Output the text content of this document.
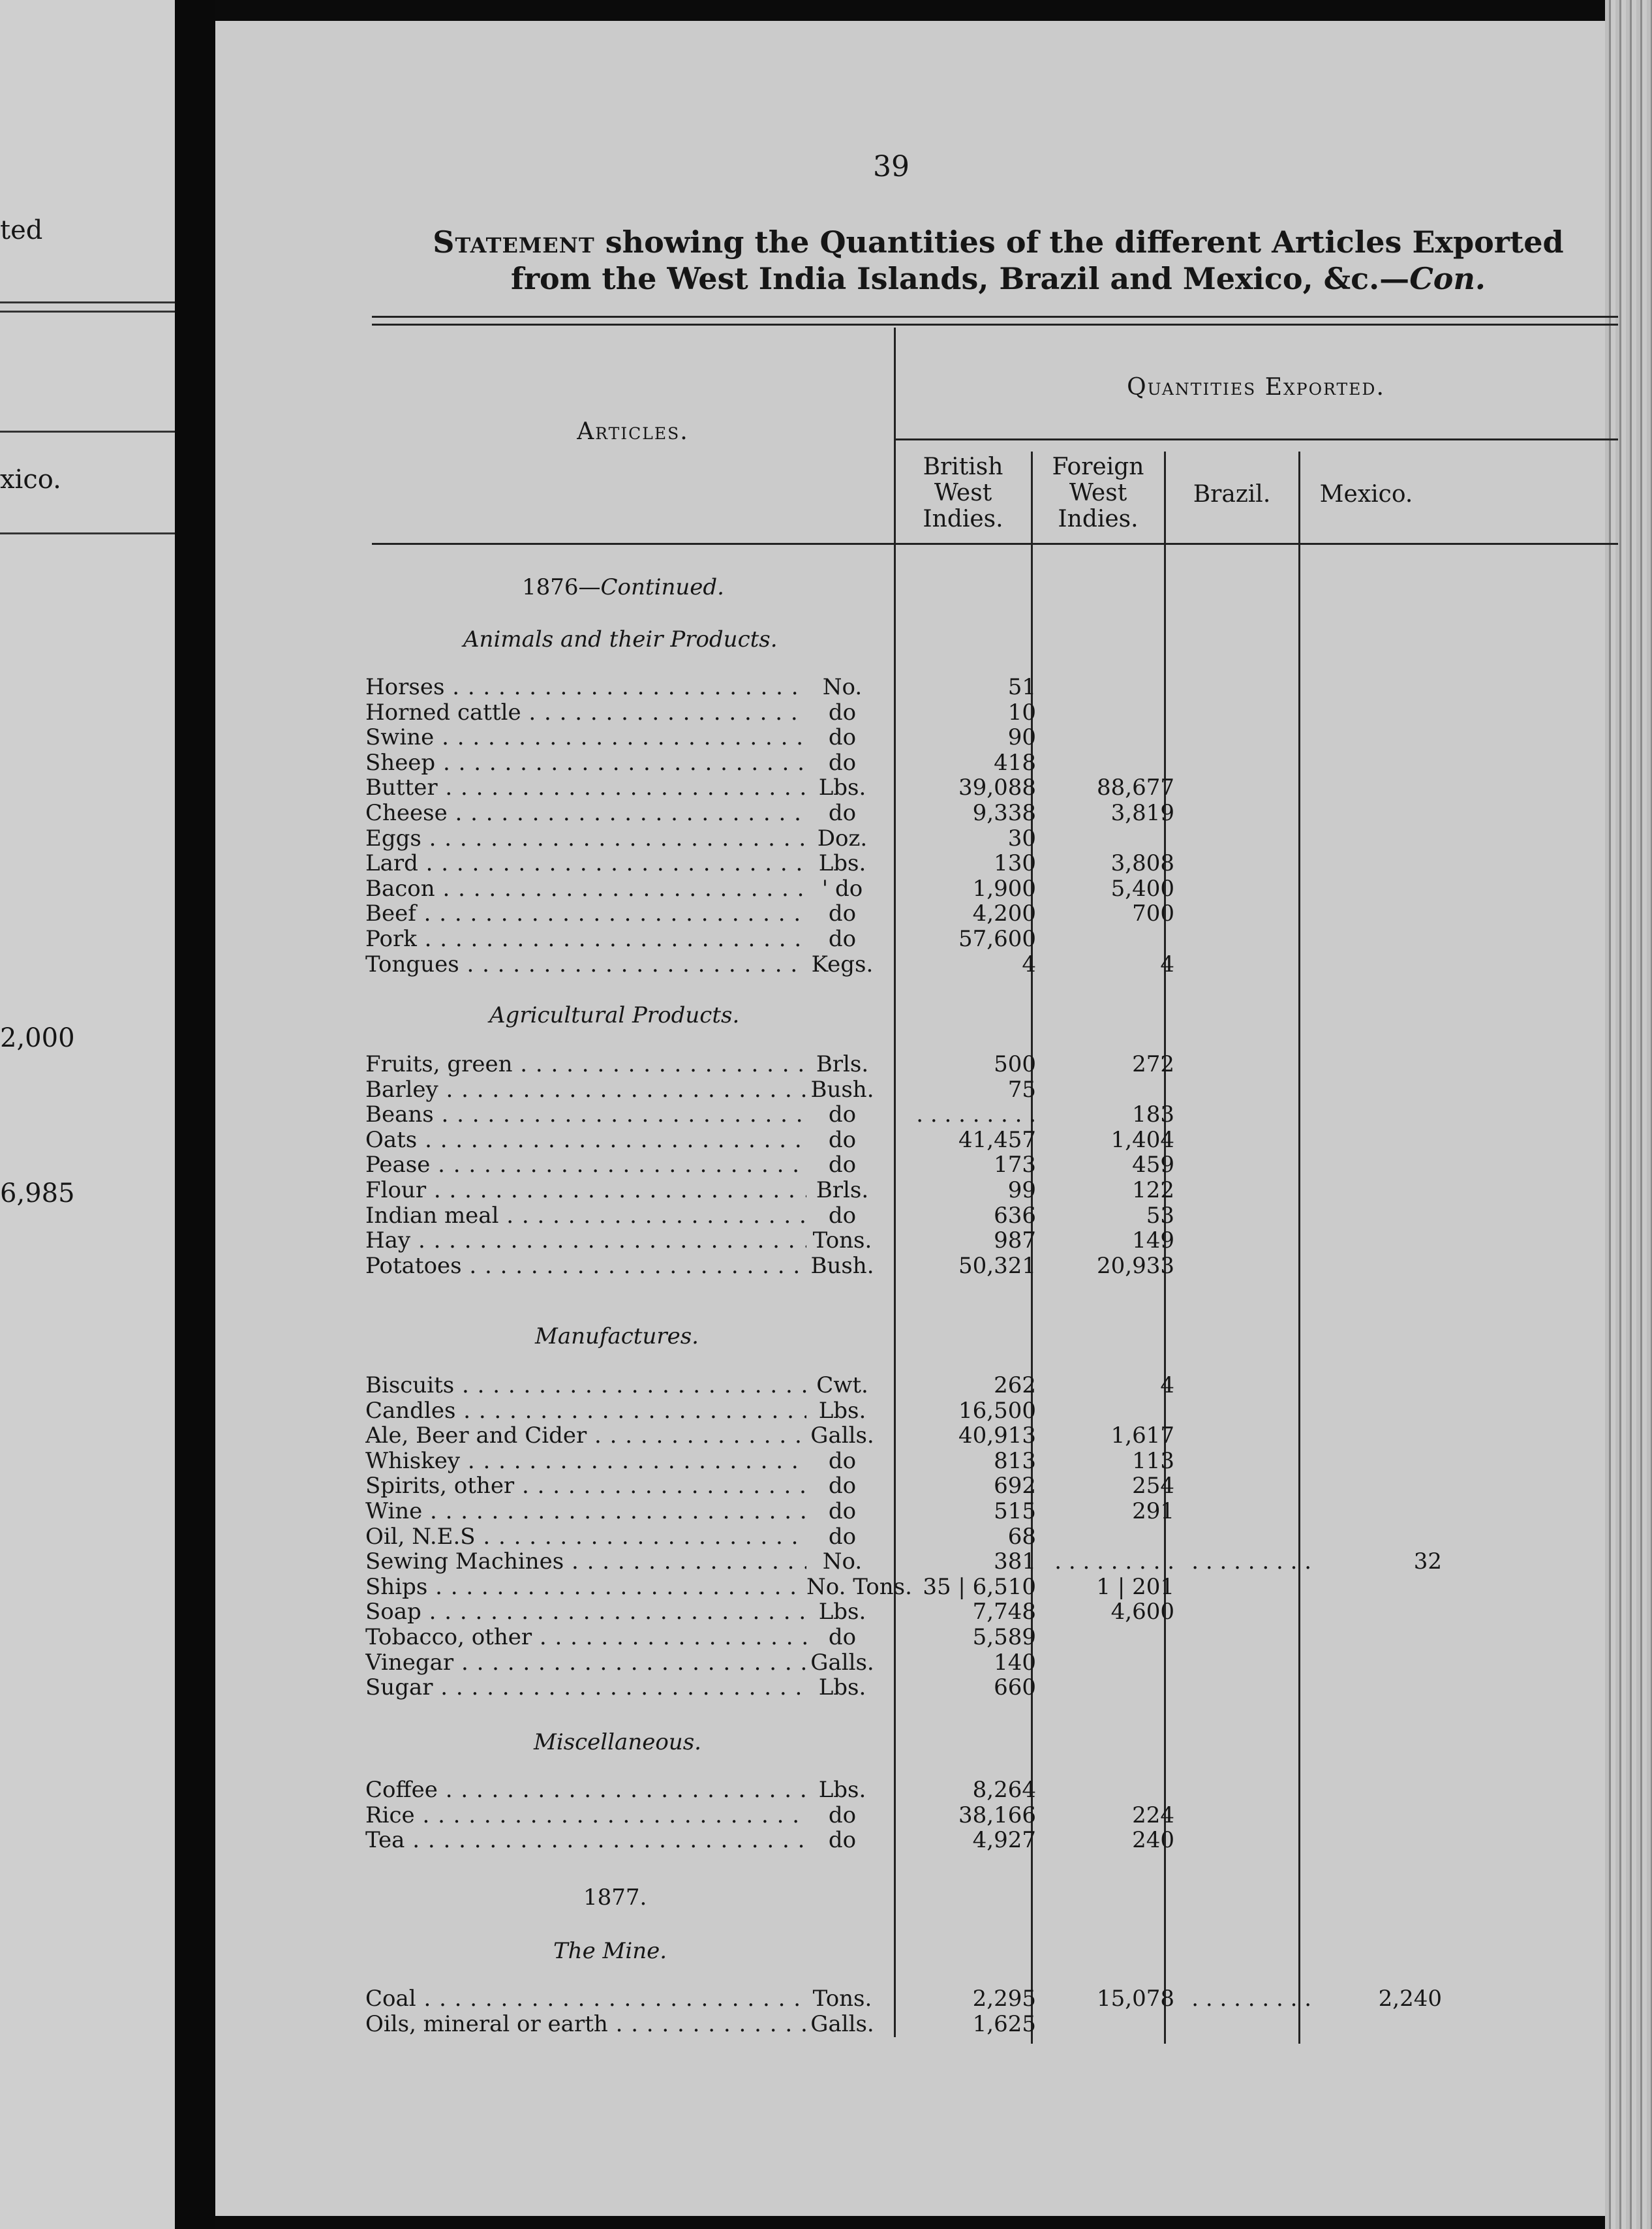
ted
xico.
2,000
6,985
39
Statement showing the Quantities of the different Articles Exported
from the West India Islands, Brazil and Mexico, &c.—Con.
Articles.
Quantities Exported.
British
West
Indies.
Foreign
West
Indies.
Brazil.	Mexico.
1876—Continued.
Animals and their Products.
Horses . . .	No.	51
Horned cattle . . .	do	10
Swine . . .	do	90
Sheep . . .	do	418
Butter . . .	Lbs.	39,088	88,677
Cheese . . .	do	9,338	3,819
Eggs . . .	Doz.	30
Lard . . .	Lbs.	130	3,808
Bacon . . .	' do	1,900	5,400
Beef . . .	do	4,200	700
Pork . . .	do	57,600
Tongues . . .	Kegs.	4	4
Agricultural Products.
Fruits, green . . .	Brls.	500	272
Barley . . .	Bush.	75
Beans . . .	do	. . . . . . . . .	183
Oats . . .	do	41,457	1,404
Pease . . .	do	173	459
Flour . . .	Brls.	99	122
Indian meal . . .	do	636	53
Hay . . .	Tons.	987	149
Potatoes . . .	Bush.	50,321	20,933
Manufactures.
Biscuits . . .	Cwt.	262	4
Candles . . .	Lbs.	16,500
Ale, Beer and Cider . . .	Galls.	40,913	1,617
Whiskey . . .	do	813	113
Spirits, other . . .	do	692	254
Wine . . .	do	515	291
Oil, N.E.S . . .	do	68
Sewing Machines . . .	No.	381 . . . . . . . . . . . . . . . . . .	32
Ships . . .	No. Tons. 35 | 6,510	1 | 201
Soap . . .	Lbs.	7,748	4,600
Tobacco, other . . .	do	5,589
Vinegar . . .	Galls.	140
Sugar . . .	Lbs.	660
Miscellaneous.
Coffee . . .	Lbs.	8,264
Rice . . .	do	38,166	224
Tea . . .	do	4,927	240
1877.
The Mine.
Coal . . .	Tons.	2,295	15,078 . . . . . . . . .	2,240
Oils, mineral or earth . . .	Galls.	1,625
